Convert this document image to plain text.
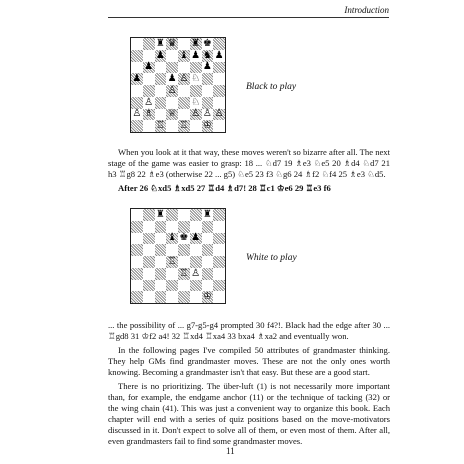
Introduction
♜ ♛ ♜ ♚
♟ ♝ ♟ ♞ ♟
♟	♟
♟	♟ ♙ ♘
♙
♙	♘
♙ ♗ ♕ ♙ ♙ ♙
♖ ♖ ♔
Black to play

When you look at it that way, these moves weren't so bizarre after all. The next stage of the game was easier to grasp: 18 ... ♘d7 19 ♗e3 ♘e5 20 ♗d4 ♘d7 21 h3 ♖g8 22 ♗e3 (otherwise 22 ... g5) ♘e5 23 f3 ♘g6 24 ♗f2 ♘f4 25 ♗e3 ♘d5.

After 26 ♘xd5 ♗xd5 27 ♖d4 ♗d7! 28 ♖c1 ♔e6 29 ♖e3 f6

♜	♜
♝ ♚ ♟
♖
♖ ♙
♔
White to play

... the possibility of ... g7-g5-g4 prompted 30 f4?!. Black had the edge after 30 ... ♖gd8 31 ♔f2 a4! 32 ♖xd4 ♖xa4 33 bxa4 ♗xa2 and eventually won.

In the following pages I've compiled 50 attributes of grandmaster thinking. They help GMs find grandmaster moves. These are not the only ones worth knowing. Becoming a grandmaster isn't that easy. But these are a good start.

There is no prioritizing. The über-luft (1) is not necessarily more important than, for example, the endgame anchor (11) or the technique of tacking (32) or the wing chain (41). This was just a convenient way to organize this book. Each chapter will end with a series of quiz positions based on the move-motivators discussed in it. Don't expect to solve all of them, or even most of them. After all, even grandmasters fail to find some grandmaster moves.

11
